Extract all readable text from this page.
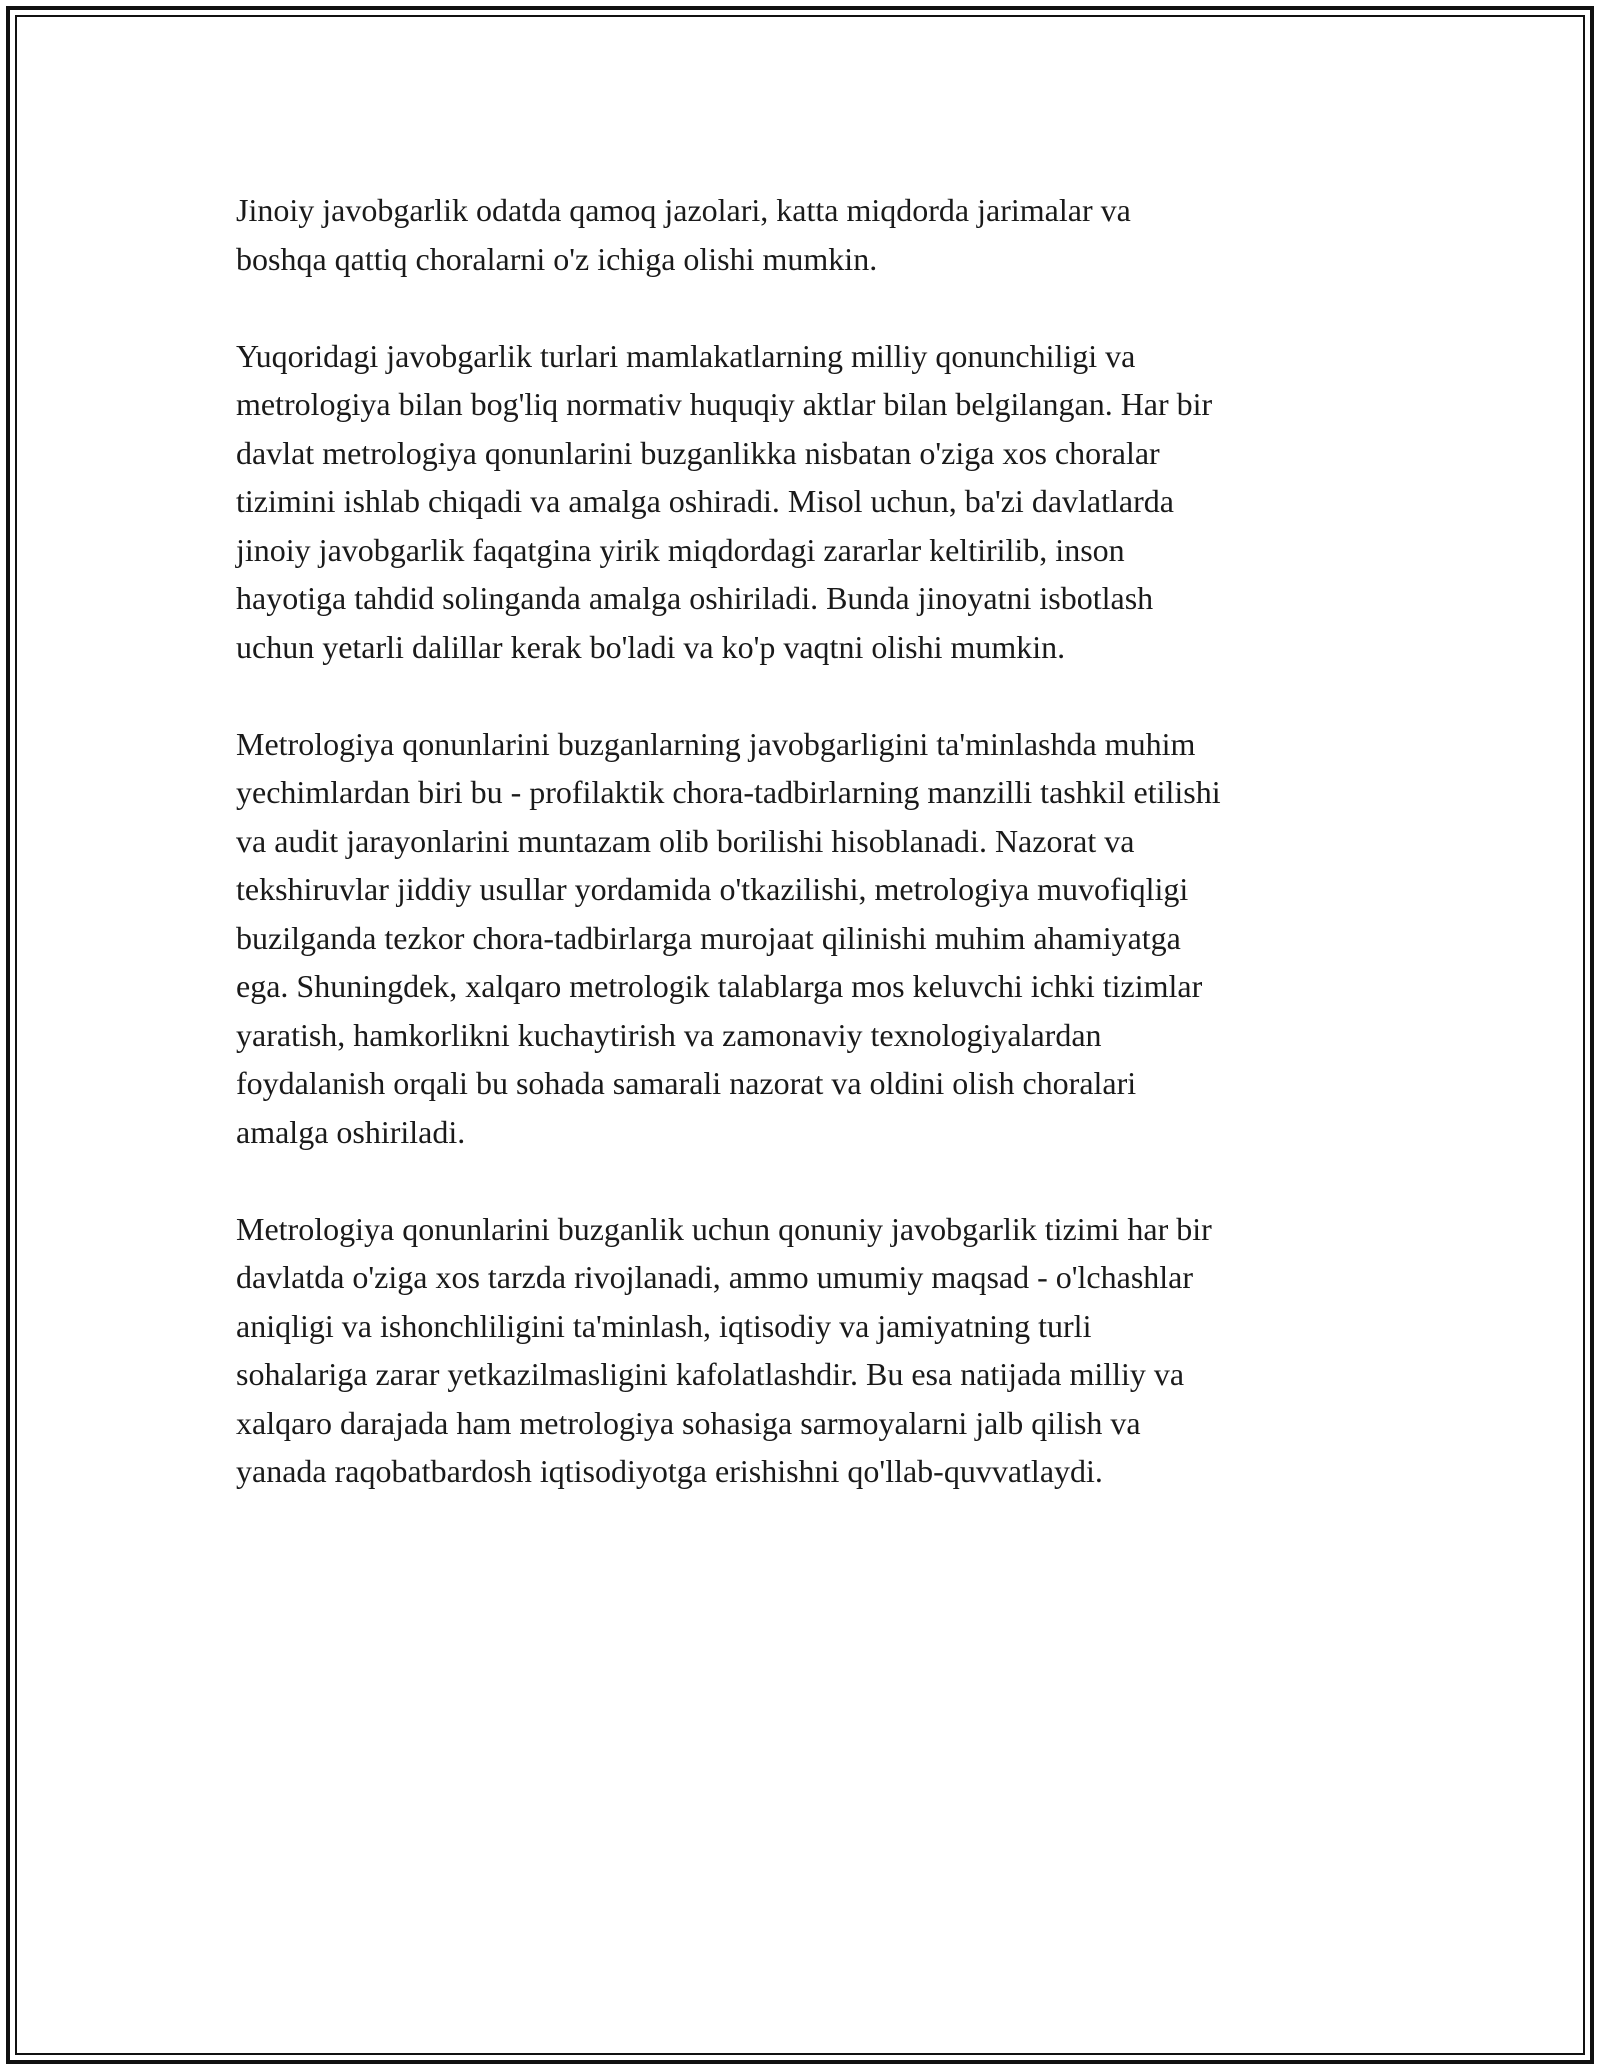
Jinoiy javobgarlik odatda qamoq jazolari, katta miqdorda jarimalar va
boshqa qattiq choralarni o'z ichiga olishi mumkin.

Yuqoridagi javobgarlik turlari mamlakatlarning milliy qonunchiligi va
metrologiya bilan bog'liq normativ huquqiy aktlar bilan belgilangan. Har bir
davlat metrologiya qonunlarini buzganlikka nisbatan o'ziga xos choralar
tizimini ishlab chiqadi va amalga oshiradi. Misol uchun, ba'zi davlatlarda
jinoiy javobgarlik faqatgina yirik miqdordagi zararlar keltirilib, inson
hayotiga tahdid solinganda amalga oshiriladi. Bunda jinoyatni isbotlash
uchun yetarli dalillar kerak bo'ladi va ko'p vaqtni olishi mumkin.

Metrologiya qonunlarini buzganlarning javobgarligini ta'minlashda muhim
yechimlardan biri bu - profilaktik chora-tadbirlarning manzilli tashkil etilishi
va audit jarayonlarini muntazam olib borilishi hisoblanadi. Nazorat va
tekshiruvlar jiddiy usullar yordamida o'tkazilishi, metrologiya muvofiqligi
buzilganda tezkor chora-tadbirlarga murojaat qilinishi muhim ahamiyatga
ega. Shuningdek, xalqaro metrologik talablarga mos keluvchi ichki tizimlar
yaratish, hamkorlikni kuchaytirish va zamonaviy texnologiyalardan
foydalanish orqali bu sohada samarali nazorat va oldini olish choralari
amalga oshiriladi.

Metrologiya qonunlarini buzganlik uchun qonuniy javobgarlik tizimi har bir
davlatda o'ziga xos tarzda rivojlanadi, ammo umumiy maqsad - o'lchashlar
aniqligi va ishonchliligini ta'minlash, iqtisodiy va jamiyatning turli
sohalariga zarar yetkazilmasligini kafolatlashdir. Bu esa natijada milliy va
xalqaro darajada ham metrologiya sohasiga sarmoyalarni jalb qilish va
yanada raqobatbardosh iqtisodiyotga erishishni qo'llab-quvvatlaydi.
